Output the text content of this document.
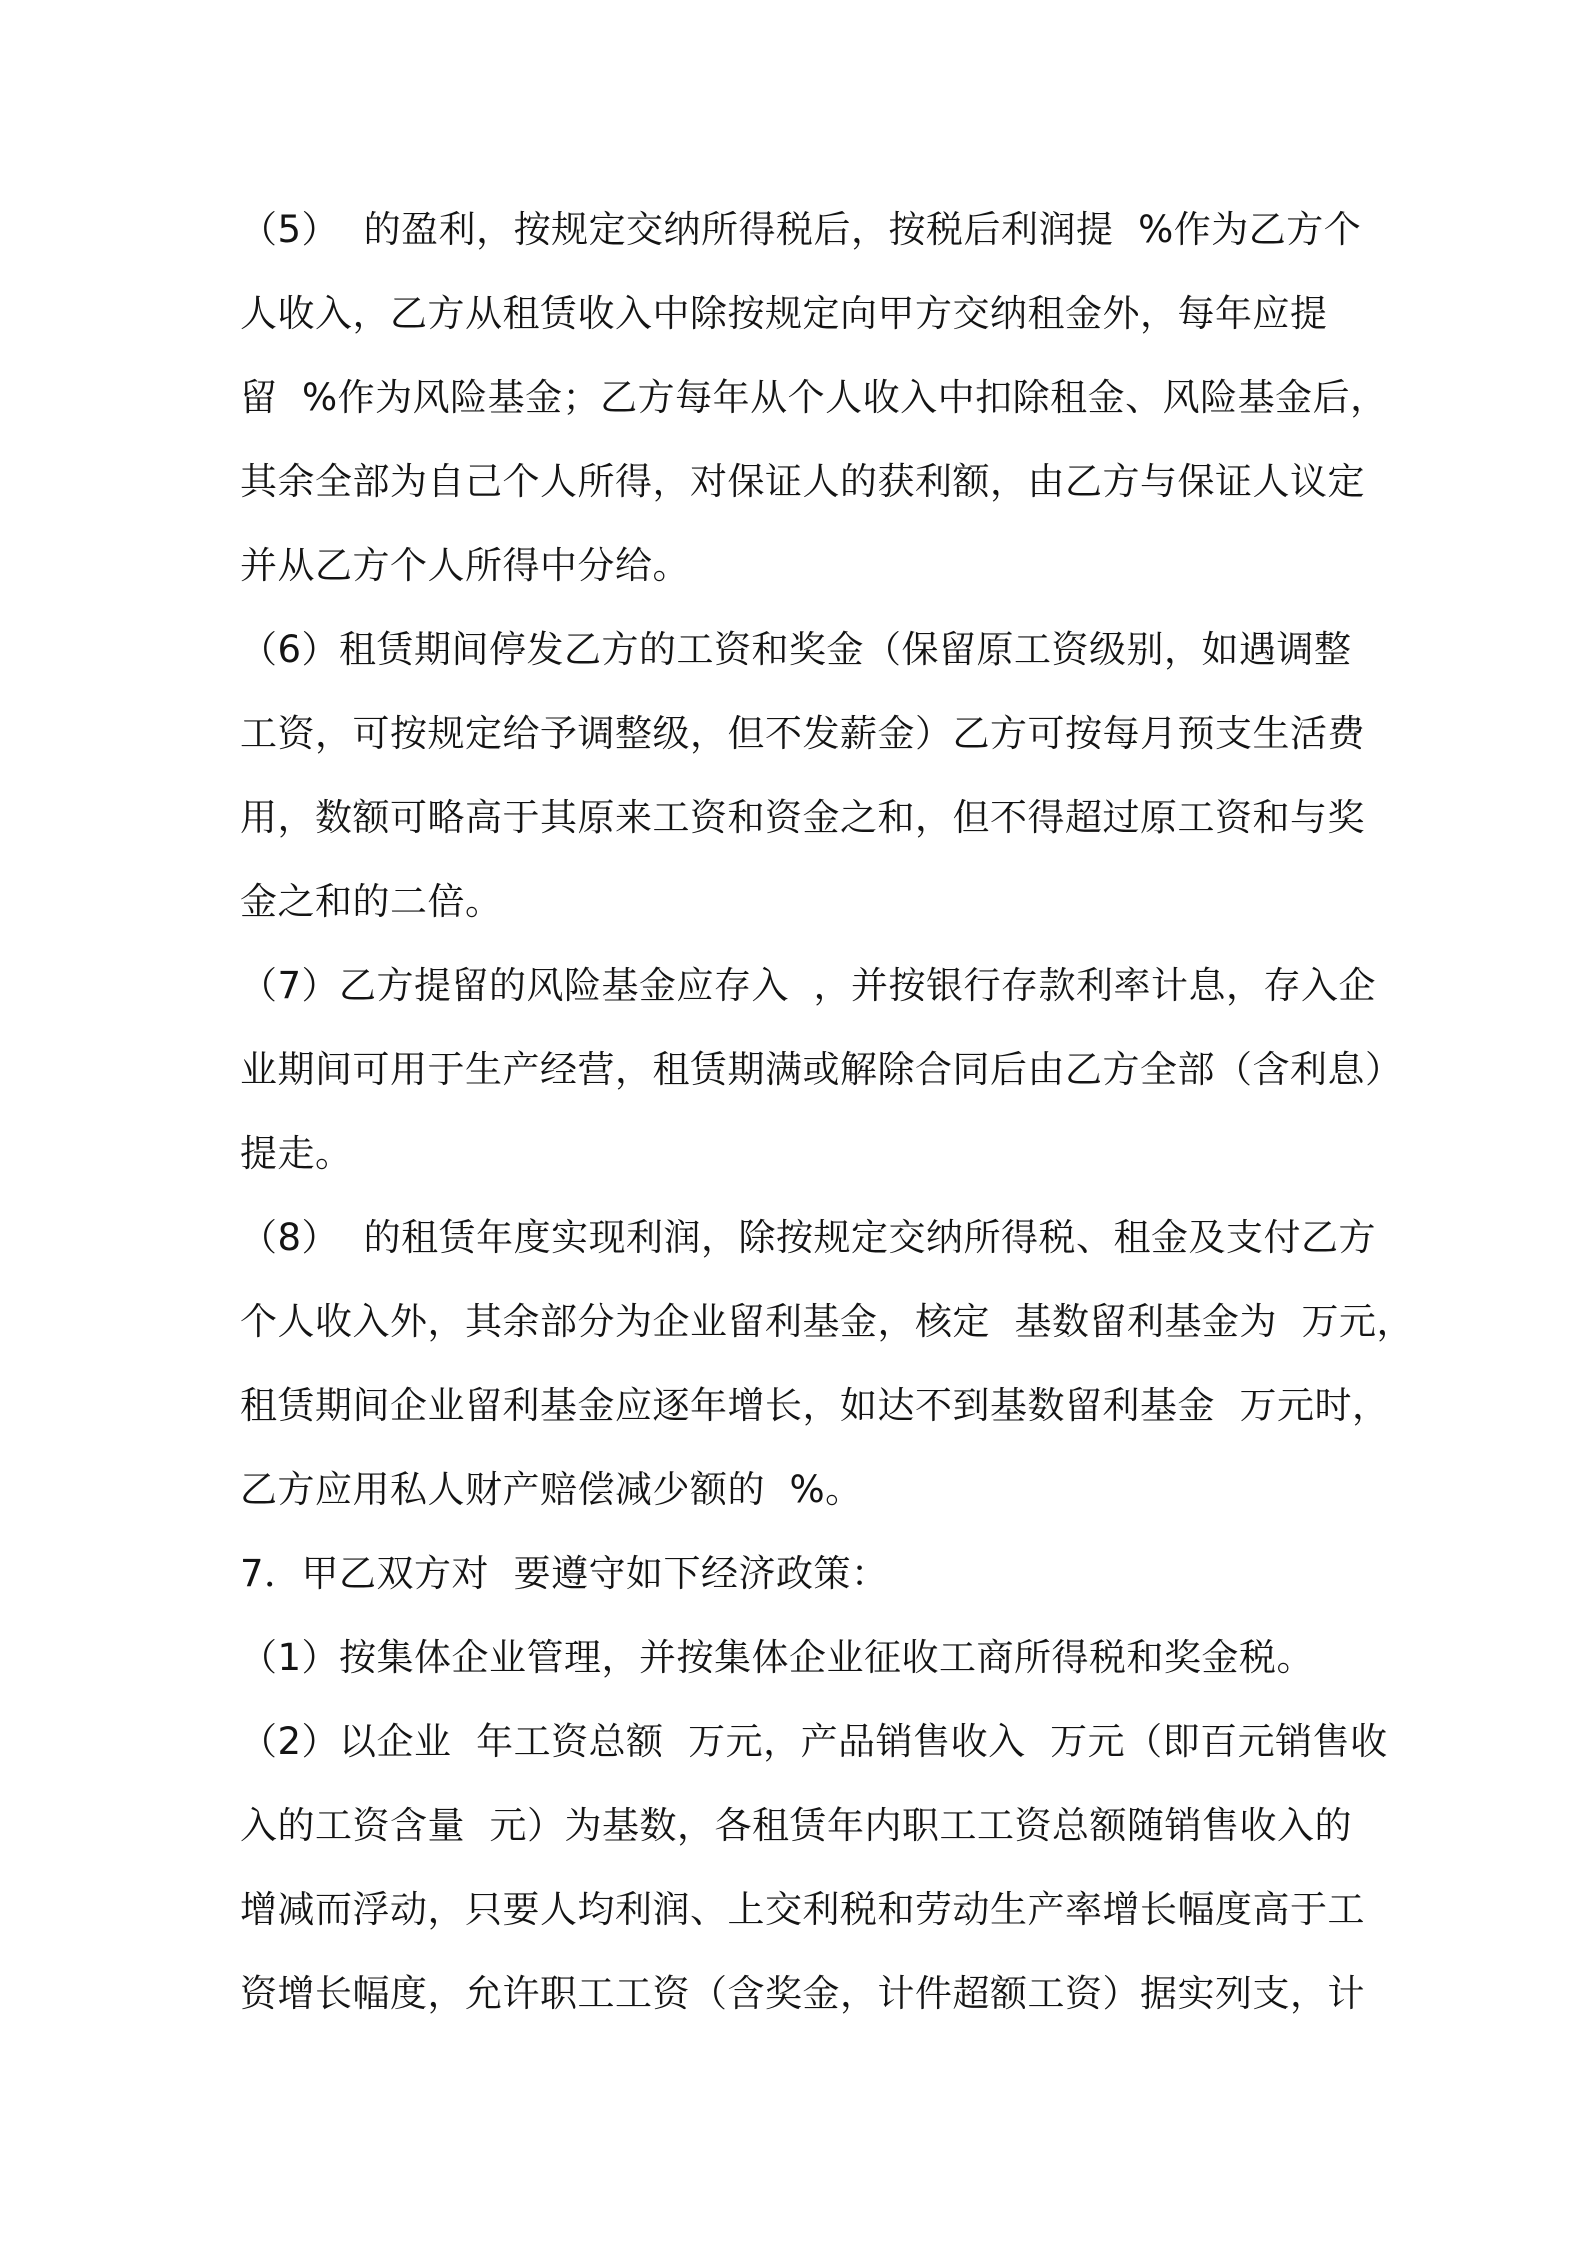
（5）  的盈利，按规定交纳所得税后，按税后利润提  %作为乙方个
人收入，乙方从租赁收入中除按规定向甲方交纳租金外，每年应提
留  %作为风险基金；乙方每年从个人收入中扣除租金、风险基金后，
其余全部为自己个人所得，对保证人的获利额，由乙方与保证人议定
并从乙方个人所得中分给。
（6）租赁期间停发乙方的工资和奖金（保留原工资级别，如遇调整
工资，可按规定给予调整级，但不发薪金）乙方可按每月预支生活费
用，数额可略高于其原来工资和资金之和，但不得超过原工资和与奖
金之和的二倍。
（7）乙方提留的风险基金应存入  ，并按银行存款利率计息，存入企
业期间可用于生产经营，租赁期满或解除合同后由乙方全部（含利息）
提走。
（8）  的租赁年度实现利润，除按规定交纳所得税、租金及支付乙方
个人收入外，其余部分为企业留利基金，核定  基数留利基金为  万元，
租赁期间企业留利基金应逐年增长，如达不到基数留利基金  万元时，
乙方应用私人财产赔偿减少额的  %。
7．甲乙双方对  要遵守如下经济政策：
（1）按集体企业管理，并按集体企业征收工商所得税和奖金税。
（2）以企业  年工资总额  万元，产品销售收入  万元（即百元销售收
入的工资含量  元）为基数，各租赁年内职工工资总额随销售收入的
增减而浮动，只要人均利润、上交利税和劳动生产率增长幅度高于工
资增长幅度，允许职工工资（含奖金，计件超额工资）据实列支，计
